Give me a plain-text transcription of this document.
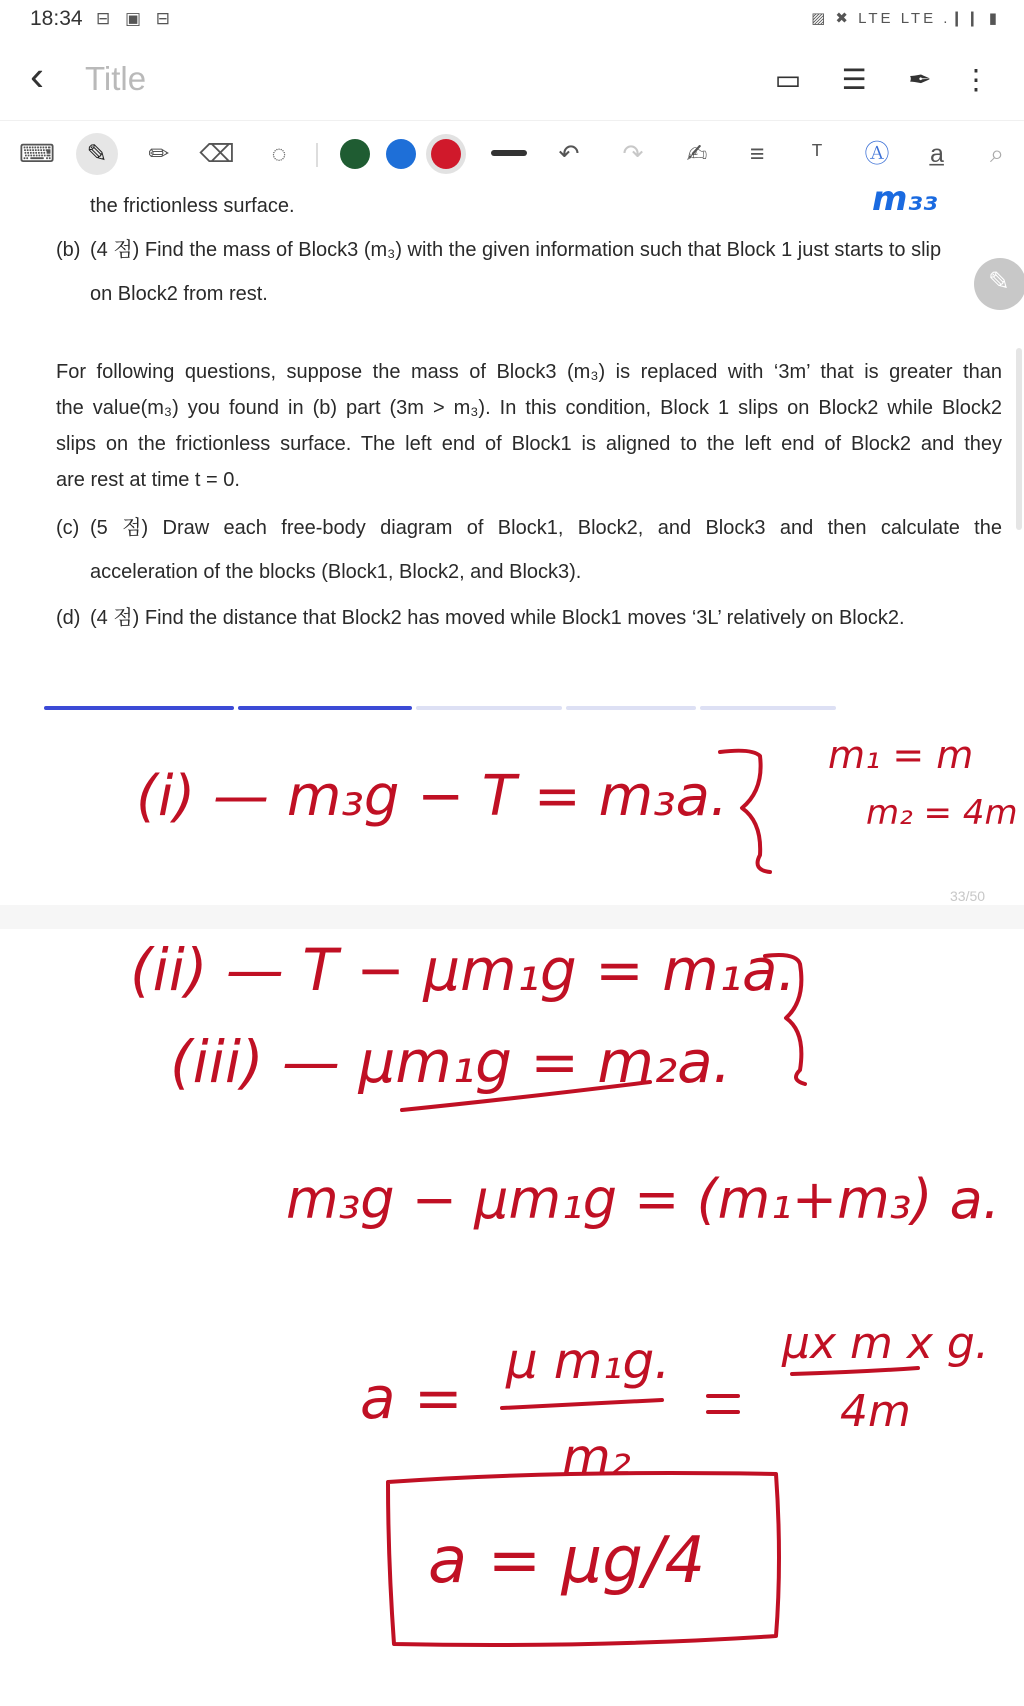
18:34 ⊟ ▣ ⊟	▨ ✖ LTE LTE .❙❙ ▮
‹ Title	▭ ☰ ✒ ⋮
⌨	✎	✏	⌫	◌	↶	↷	✍	≡	ᵀ	Ⓐ	a̲	⌕

the frictionless surface.

(b) (4 점) Find the mass of Block3 (m₃) with the given information such that Block 1 just starts to slip

on Block2 from rest.

For following questions, suppose the mass of Block3 (m₃) is replaced with ‘3m’ that is greater than

the value(m₃) you found in (b) part (3m > m₃). In this condition, Block 1 slips on Block2 while Block2

slips on the frictionless surface. The left end of Block1 is aligned to the left end of Block2 and they

are rest at time t = 0.

(c) (5 점) Draw each free-body diagram of Block1, Block2, and Block3 and then calculate the

acceleration of the blocks (Block1, Block2, and Block3).

(d) (4 점) Find the distance that Block2 has moved while Block1 moves ‘3L’ relatively on Block2.

33/50
✎
m₃₃
(i) — m₃g − T = m₃a.
m₁ = m
m₂ = 4m
(ii) — T − μm₁g = m₁a.
(iii) — μm₁g = m₂a.
m₃g − μm₁g = (m₁+m₃) a.
a =
μ m₁g.
m₂
μx m x g.
4m
a = μg/4
